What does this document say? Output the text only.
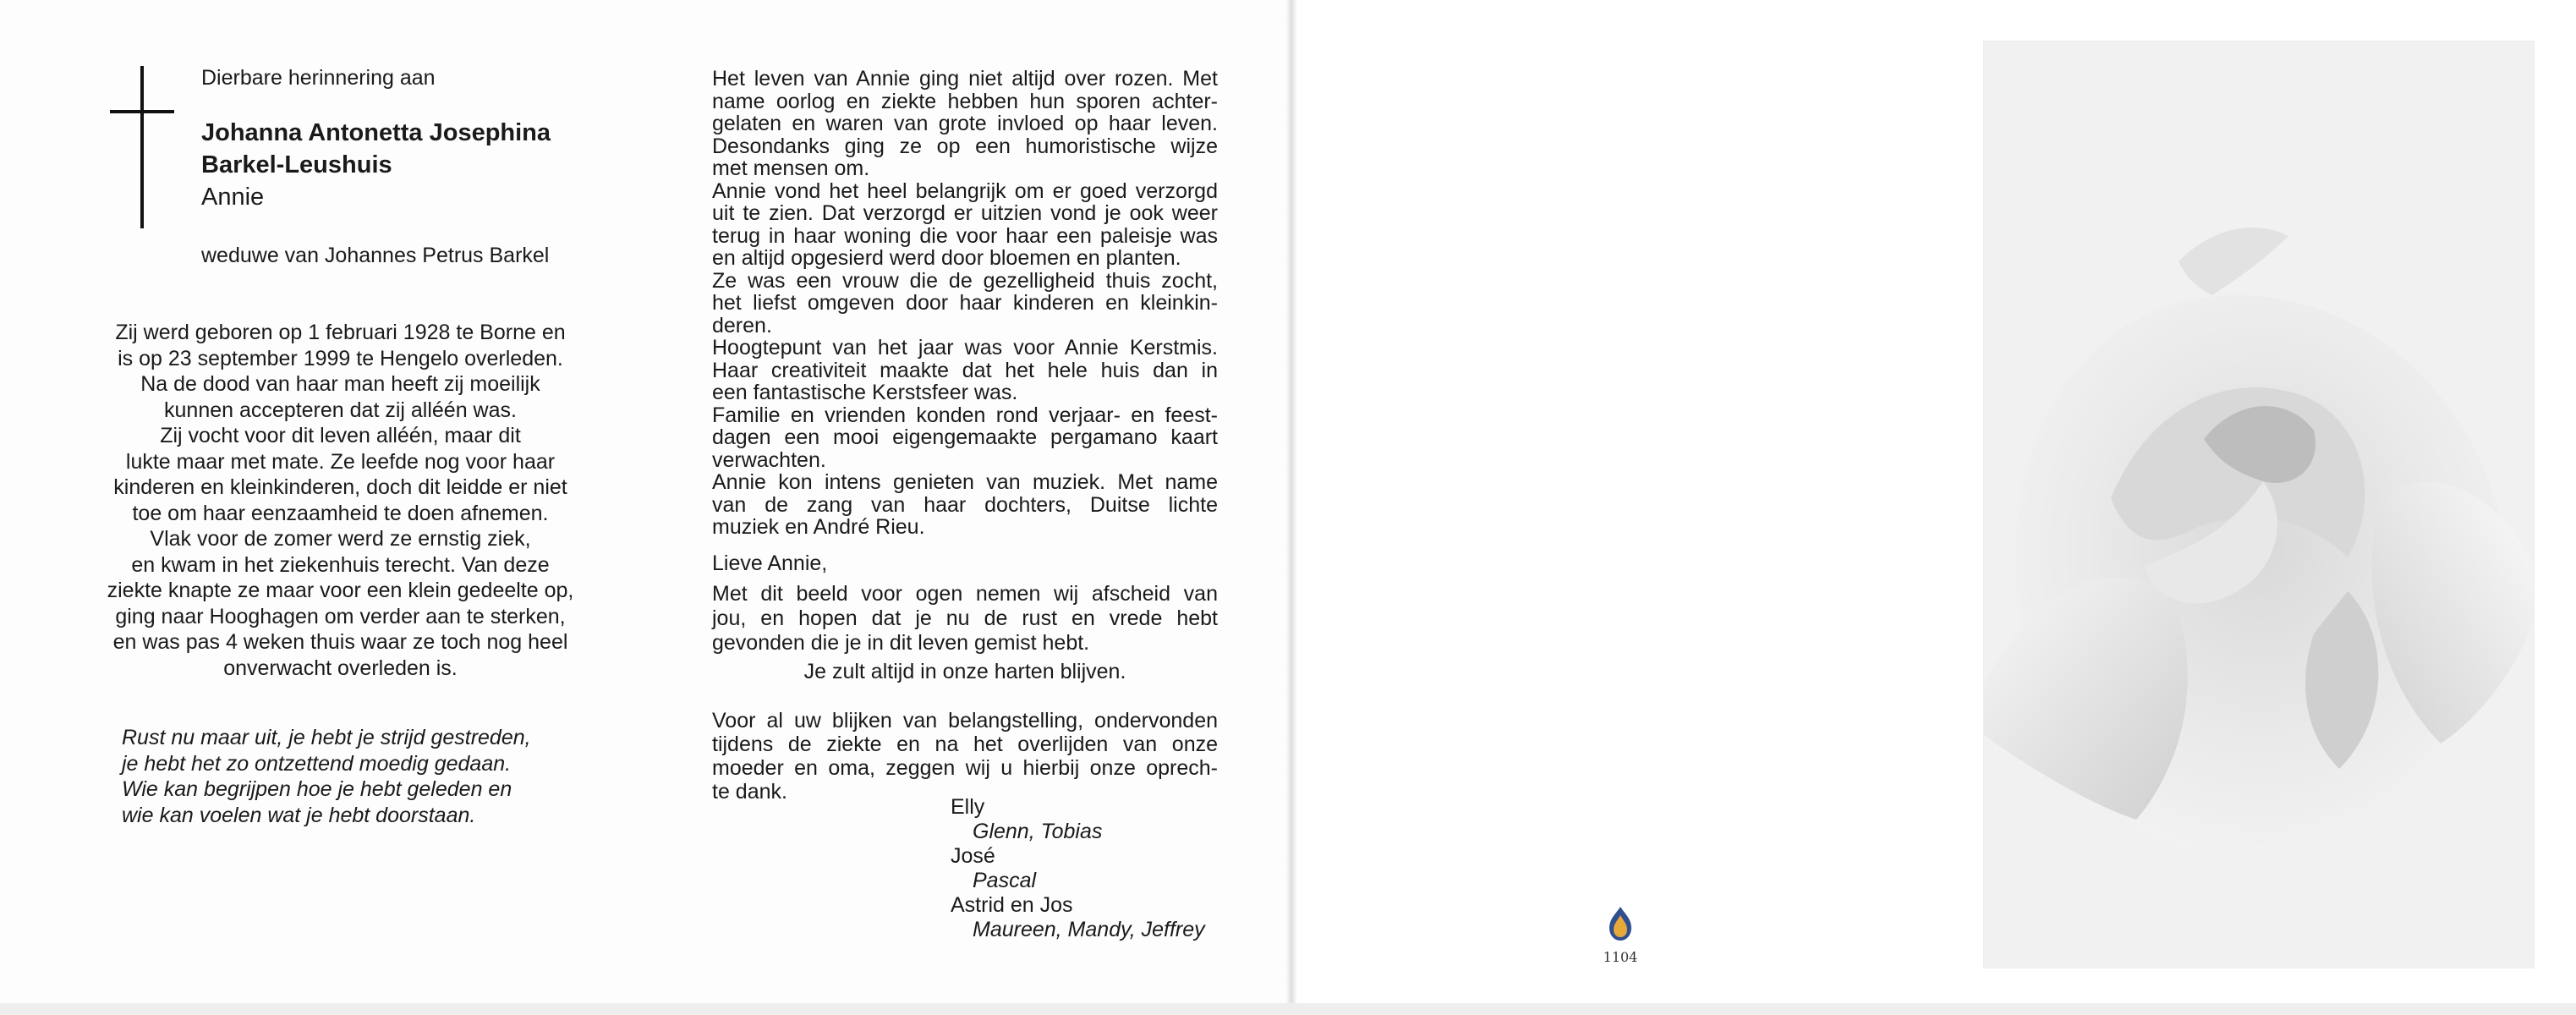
Dierbare herinnering aan
Johanna Antonetta Josephina
Barkel-Leushuis
Annie
weduwe van Johannes Petrus Barkel
Zij werd geboren op 1 februari 1928 te Borne en
is op 23 september 1999 te Hengelo overleden.
Na de dood van haar man heeft zij moeilijk
kunnen accepteren dat zij alléén was.
Zij vocht voor dit leven alléén, maar dit
lukte maar met mate. Ze leefde nog voor haar
kinderen en kleinkinderen, doch dit leidde er niet
toe om haar eenzaamheid te doen afnemen.
Vlak voor de zomer werd ze ernstig ziek,
en kwam in het ziekenhuis terecht. Van deze
ziekte knapte ze maar voor een klein gedeelte op,
ging naar Hooghagen om verder aan te sterken,
en was pas 4 weken thuis waar ze toch nog heel
onverwacht overleden is.
Rust nu maar uit, je hebt je strijd gestreden,
je hebt het zo ontzettend moedig gedaan.
Wie kan begrijpen hoe je hebt geleden en
wie kan voelen wat je hebt doorstaan.
Het leven van Annie ging niet altijd over rozen. Met
name oorlog en ziekte hebben hun sporen achter-
gelaten en waren van grote invloed op haar leven.
Desondanks ging ze op een humoristische wijze
met mensen om.
Annie vond het heel belangrijk om er goed verzorgd
uit te zien. Dat verzorgd er uitzien vond je ook weer
terug in haar woning die voor haar een paleisje was
en altijd opgesierd werd door bloemen en planten.
Ze was een vrouw die de gezelligheid thuis zocht,
het liefst omgeven door haar kinderen en kleinkin-
deren.
Hoogtepunt van het jaar was voor Annie Kerstmis.
Haar creativiteit maakte dat het hele huis dan in
een fantastische Kerstsfeer was.
Familie en vrienden konden rond verjaar- en feest-
dagen een mooi eigengemaakte pergamano kaart
verwachten.
Annie kon intens genieten van muziek. Met name
van de zang van haar dochters, Duitse lichte
muziek en André Rieu.
Lieve Annie,
Met dit beeld voor ogen nemen wij afscheid van
jou, en hopen dat je nu de rust en vrede hebt
gevonden die je in dit leven gemist hebt.
Je zult altijd in onze harten blijven.
Voor al uw blijken van belangstelling, ondervonden
tijdens de ziekte en na het overlijden van onze
moeder en oma, zeggen wij u hierbij onze oprech-
te dank.
Elly
Glenn, Tobias
José
Pascal
Astrid en Jos
Maureen, Mandy, Jeffrey
1104
